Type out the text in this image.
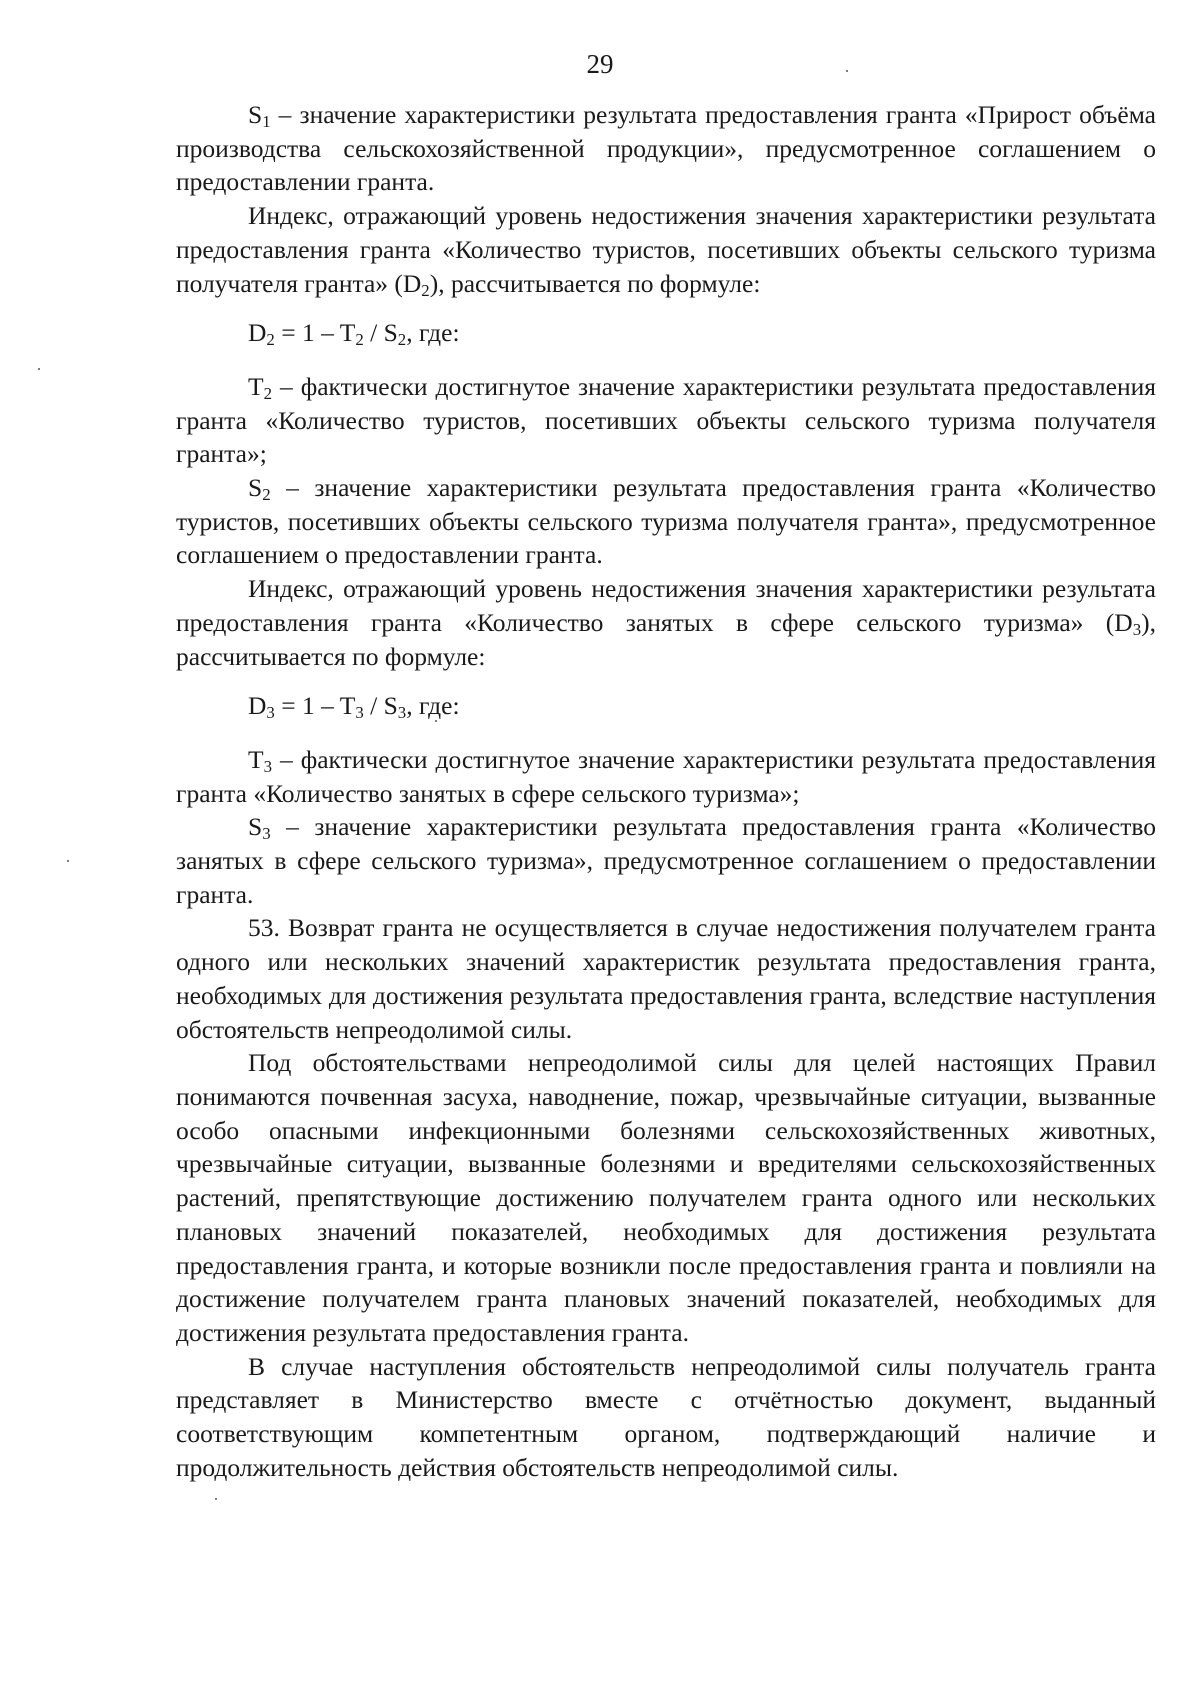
29

$S_1$ – значение характеристики результата предоставления гранта «Прирост объёма производства сельскохозяйственной продукции», предусмотренное соглашением о предоставлении гранта.

Индекс, отражающий уровень недостижения значения характеристики результата предоставления гранта «Количество туристов, посетивших объекты сельского туризма получателя гранта» $(D_2)$, рассчитывается по формуле:

$D_2 = 1 - T_2 / S_2$, где:

$T_2$ – фактически достигнутое значение характеристики результата предоставления гранта «Количество туристов, посетивших объекты сельского туризма получателя гранта»;

$S_2$ – значение характеристики результата предоставления гранта «Количество туристов, посетивших объекты сельского туризма получателя гранта», предусмотренное соглашением о предоставлении гранта.

Индекс, отражающий уровень недостижения значения характеристики результата предоставления гранта «Количество занятых в сфере сельского туризма» $(D_3)$, рассчитывается по формуле:

$D_3 = 1 - T_3 / S_3$, где:

$T_3$ – фактически достигнутое значение характеристики результата предоставления гранта «Количество занятых в сфере сельского туризма»;

$S_3$ – значение характеристики результата предоставления гранта «Количество занятых в сфере сельского туризма», предусмотренное соглашением о предоставлении гранта.

53. Возврат гранта не осуществляется в случае недостижения получателем гранта одного или нескольких значений характеристик результата предоставления гранта, необходимых для достижения результата предоставления гранта, вследствие наступления обстоятельств непреодолимой силы.

Под обстоятельствами непреодолимой силы для целей настоящих Правил понимаются почвенная засуха, наводнение, пожар, чрезвычайные ситуации, вызванные особо опасными инфекционными болезнями сельскохозяйственных животных, чрезвычайные ситуации, вызванные болезнями и вредителями сельскохозяйственных растений, препятствующие достижению получателем гранта одного или нескольких плановых значений показателей, необходимых для достижения результата предоставления гранта, и которые возникли после предоставления гранта и повлияли на достижение получателем гранта плановых значений показателей, необходимых для достижения результата предоставления гранта.

В случае наступления обстоятельств непреодолимой силы получатель гранта представляет в Министерство вместе с отчётностью документ, выданный соответствующим компетентным органом, подтверждающий наличие и продолжительность действия обстоятельств непреодолимой силы.
